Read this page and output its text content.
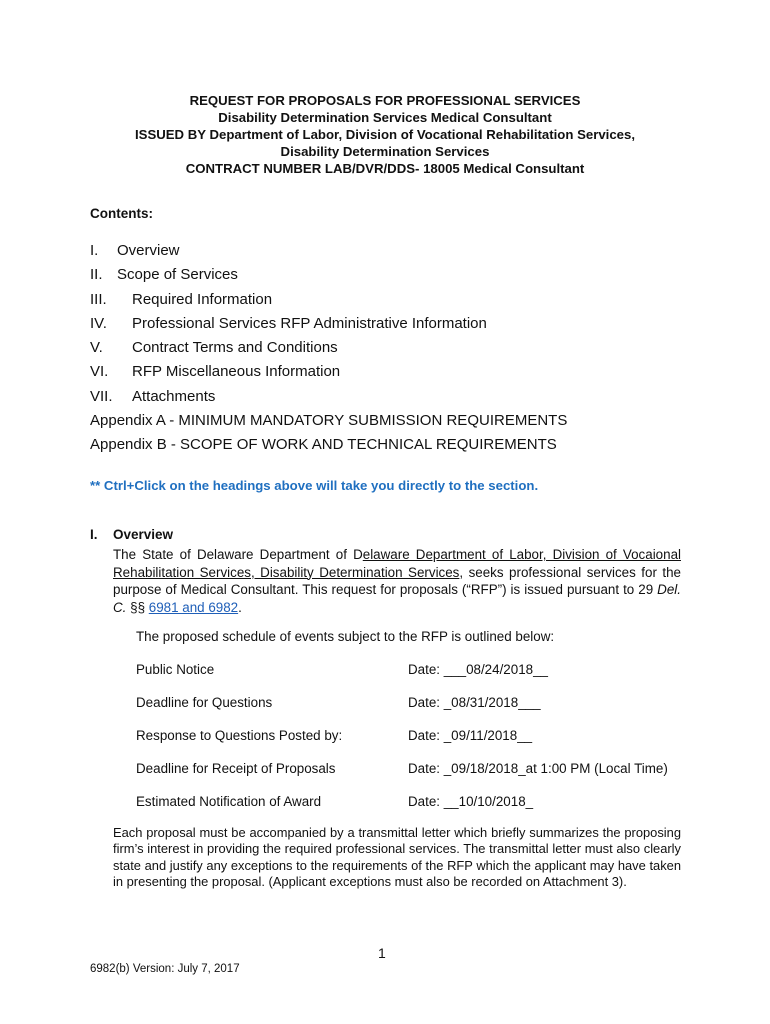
REQUEST FOR PROPOSALS FOR PROFESSIONAL SERVICES
Disability Determination Services Medical Consultant
ISSUED BY Department of Labor, Division of Vocational Rehabilitation Services,
Disability Determination Services
CONTRACT NUMBER LAB/DVR/DDS- 18005 Medical Consultant
Contents:
I. Overview
II. Scope of Services
III. Required Information
IV. Professional Services RFP Administrative Information
V. Contract Terms and Conditions
VI. RFP Miscellaneous Information
VII. Attachments
Appendix A - MINIMUM MANDATORY SUBMISSION REQUIREMENTS
Appendix B - SCOPE OF WORK AND TECHNICAL REQUIREMENTS
** Ctrl+Click on the headings above will take you directly to the section.
I. Overview
The State of Delaware Department of Delaware Department of Labor, Division of Vocaional Rehabilitation Services, Disability Determination Services, seeks professional services for the purpose of Medical Consultant. This request for proposals (“RFP”) is issued pursuant to 29 Del. C. §§ 6981 and 6982.
The proposed schedule of events subject to the RFP is outlined below:
Public Notice	Date: ___08/24/2018__
Deadline for Questions	Date: _08/31/2018___
Response to Questions Posted by:	Date: _09/11/2018__
Deadline for Receipt of Proposals	Date: _09/18/2018_at 1:00 PM (Local Time)
Estimated Notification of Award	Date: __10/10/2018_
Each proposal must be accompanied by a transmittal letter which briefly summarizes the proposing firm’s interest in providing the required professional services. The transmittal letter must also clearly state and justify any exceptions to the requirements of the RFP which the applicant may have taken in presenting the proposal. (Applicant exceptions must also be recorded on Attachment 3).
1
6982(b) Version: July 7, 2017
